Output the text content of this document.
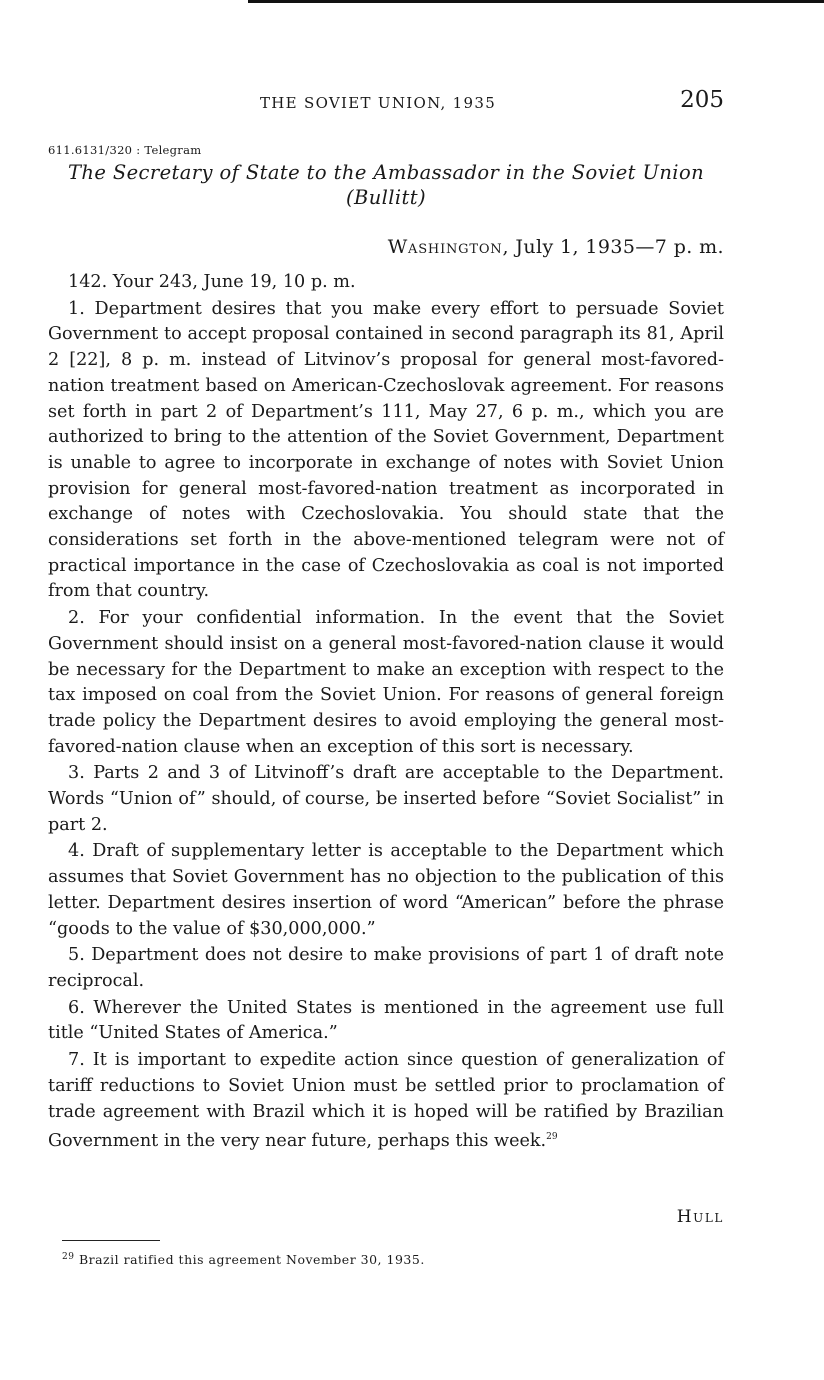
THE SOVIET UNION, 1935	205
611.6131/320 : Telegram
The Secretary of State to the Ambassador in the Soviet Union
(Bullitt)
Washington, July 1, 1935—7 p. m.

142. Your 243, June 19, 10 p. m.

1. Department desires that you make every effort to persuade Soviet Government to accept proposal contained in second paragraph its 81, April 2 [22], 8 p. m. instead of Litvinov’s proposal for general most-favored-nation treatment based on American-Czechoslovak agreement. For reasons set forth in part 2 of Department’s 111, May 27, 6 p. m., which you are authorized to bring to the attention of the Soviet Government, Department is unable to agree to incorporate in exchange of notes with Soviet Union provision for general most-favored-nation treatment as incorporated in exchange of notes with Czechoslovakia. You should state that the considerations set forth in the above-mentioned telegram were not of practical importance in the case of Czechoslovakia as coal is not imported from that country.

2. For your confidential information. In the event that the Soviet Government should insist on a general most-favored-nation clause it would be necessary for the Department to make an exception with respect to the tax imposed on coal from the Soviet Union. For reasons of general foreign trade policy the Department desires to avoid employing the general most-favored-nation clause when an exception of this sort is necessary.

3. Parts 2 and 3 of Litvinoff’s draft are acceptable to the Department. Words “Union of” should, of course, be inserted before “Soviet Socialist” in part 2.

4. Draft of supplementary letter is acceptable to the Department which assumes that Soviet Government has no objection to the publication of this letter. Department desires insertion of word “American” before the phrase “goods to the value of $30,000,000.”

5. Department does not desire to make provisions of part 1 of draft note reciprocal.

6. Wherever the United States is mentioned in the agreement use full title “United States of America.”

7. It is important to expedite action since question of generalization of tariff reductions to Soviet Union must be settled prior to proclamation of trade agreement with Brazil which it is hoped will be ratified by Brazilian Government in the very near future, perhaps this week.$^{29}$

Hull
$^{29}$ Brazil ratified this agreement November 30, 1935.
